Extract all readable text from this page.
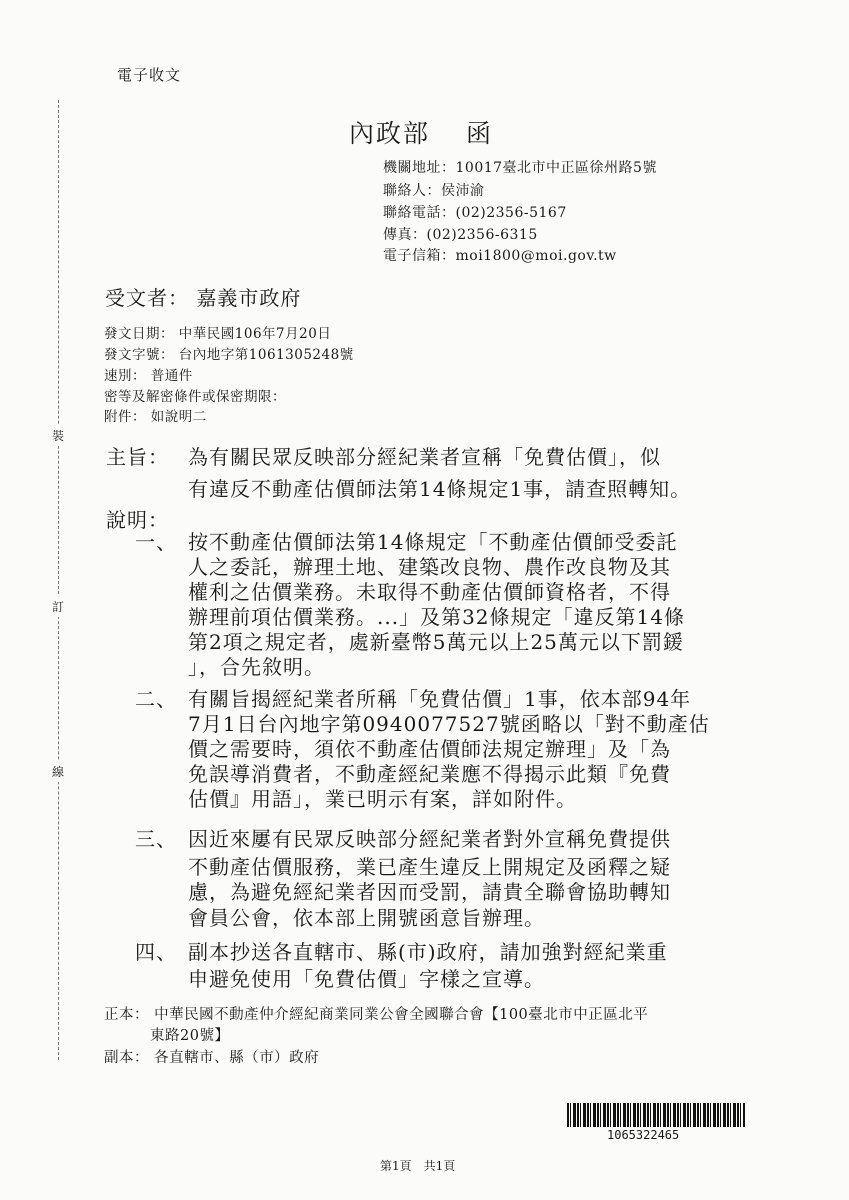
裝
訂
線
電子收文
內政部 函
機關地址：10017臺北市中正區徐州路5號
聯絡人：侯沛渝
聯絡電話：(02)2356-5167
傳真：(02)2356-6315
電子信箱：moi1800@moi.gov.tw
受文者： 嘉義市政府
發文日期： 中華民國106年7月20日
發文字號： 台內地字第1061305248號
速別： 普通件
密等及解密條件或保密期限：
附件： 如說明二
主旨： 為有關民眾反映部分經紀業者宣稱「免費估價」，似
有違反不動產估價師法第14條規定1事，請查照轉知。
說明：
一、 按不動產估價師法第14條規定「不動產估價師受委託
人之委託，辦理土地、建築改良物、農作改良物及其
權利之估價業務。未取得不動產估價師資格者，不得
辦理前項估價業務。...」及第32條規定「違反第14條
第2項之規定者，處新臺幣5萬元以上25萬元以下罰鍰
」，合先敘明。
二、 有關旨揭經紀業者所稱「免費估價」1事，依本部94年
7月1日台內地字第0940077527號函略以「對不動產估
價之需要時，須依不動產估價師法規定辦理」及「為
免誤導消費者，不動產經紀業應不得揭示此類『免費
估價』用語」，業已明示有案，詳如附件。
三、 因近來屢有民眾反映部分經紀業者對外宣稱免費提供
不動產估價服務，業已產生違反上開規定及函釋之疑
慮，為避免經紀業者因而受罰，請貴全聯會協助轉知
會員公會，依本部上開號函意旨辦理。
四、 副本抄送各直轄市、縣(市)政府，請加強對經紀業重
申避免使用「免費估價」字樣之宣導。
正本： 中華民國不動產仲介經紀商業同業公會全國聯合會【100臺北市中正區北平
東路20號】
副本： 各直轄市、縣（市）政府
1065322465
第1頁　共1頁
